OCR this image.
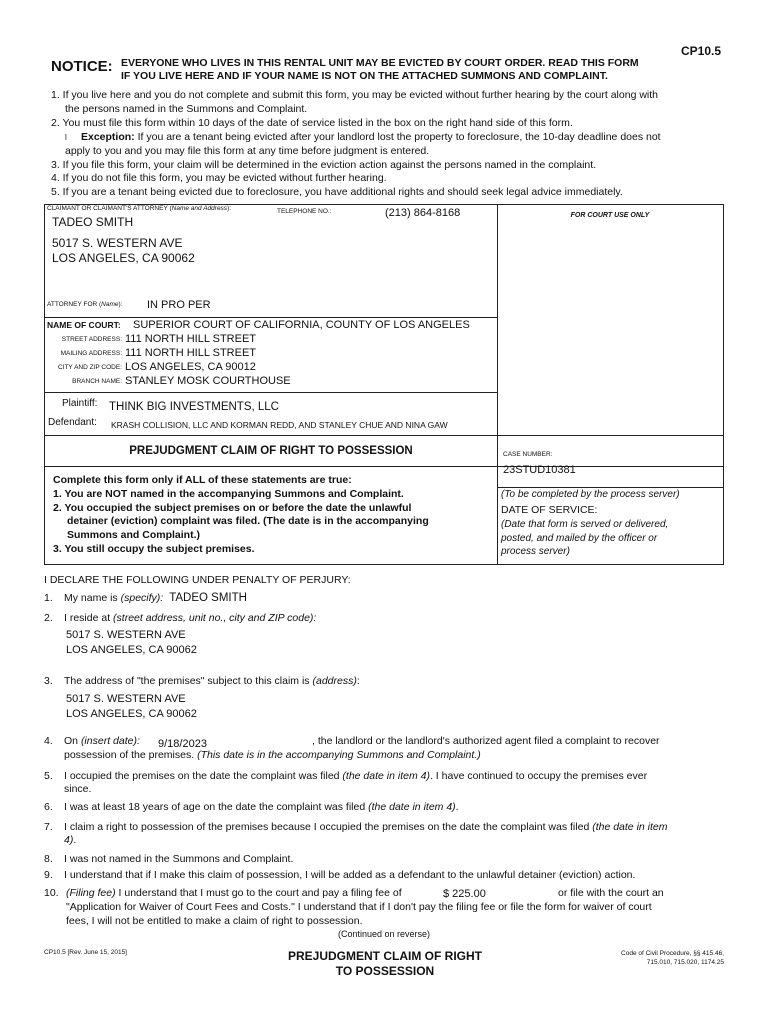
CP10.5
NOTICE: EVERYONE WHO LIVES IN THIS RENTAL UNIT MAY BE EVICTED BY COURT ORDER. READ THIS FORM
IF YOU LIVE HERE AND IF YOUR NAME IS NOT ON THE ATTACHED SUMMONS AND COMPLAINT.

1. If you live here and you do not complete and submit this form, you may be evicted without further hearing by the court along with

the persons named in the Summons and Complaint.

2. You must file this form within 10 days of the date of service listed in the box on the right hand side of this form.

l Exception: If you are a tenant being evicted after your landlord lost the property to foreclosure, the 10-day deadline does not

apply to you and you may file this form at any time before judgment is entered.

3. If you file this form, your claim will be determined in the eviction action against the persons named in the complaint.

4. If you do not file this form, you may be evicted without further hearing.

5. If you are a tenant being evicted due to foreclosure, you have additional rights and should seek legal advice immediately.

CLAIMANT OR CLAIMANT'S ATTORNEY (Name and Address):	TELEPHONE NO.:	(213) 864-8168
TADEO SMITH
5017 S. WESTERN AVE
LOS ANGELES, CA 90062
ATTORNEY FOR (Name): IN PRO PER
FOR COURT USE ONLY
NAME OF COURT: SUPERIOR COURT OF CALIFORNIA, COUNTY OF LOS ANGELES
STREET ADDRESS: 111 NORTH HILL STREET
MAILING ADDRESS: 111 NORTH HILL STREET
CITY AND ZIP CODE: LOS ANGELES, CA 90012
BRANCH NAME: STANLEY MOSK COURTHOUSE
Plaintiff: THINK BIG INVESTMENTS, LLC
Defendant: KRASH COLLISION, LLC AND KORMAN REDD, AND STANLEY CHUE AND NINA GAW
PREJUDGMENT CLAIM OF RIGHT TO POSSESSION	CASE NUMBER:
23STUD10381

Complete this form only if ALL of these statements are true:

1. You are NOT named in the accompanying Summons and Complaint.

2. You occupied the subject premises on or before the date the unlawful

detainer (eviction) complaint was filed. (The date is in the accompanying

Summons and Complaint.)

3. You still occupy the subject premises.

(To be completed by the process server)
DATE OF SERVICE:
(Date that form is served or delivered,
posted, and mailed by the officer or
process server)
I DECLARE THE FOLLOWING UNDER PENALTY OF PERJURY:
1. My name is (specify): TADEO SMITH
2. I reside at (street address, unit no., city and ZIP code):
5017 S. WESTERN AVE
LOS ANGELES, CA 90062
3. The address of "the premises" subject to this claim is (address):
5017 S. WESTERN AVE
LOS ANGELES, CA 90062
4. On (insert date):	9/18/2023	, the landlord or the landlord's authorized agent filed a complaint to recover
possession of the premises. (This date is in the accompanying Summons and Complaint.)
5. I occupied the premises on the date the complaint was filed (the date in item 4). I have continued to occupy the premises ever
since.
6. I was at least 18 years of age on the date the complaint was filed (the date in item 4).
7. I claim a right to possession of the premises because I occupied the premises on the date the complaint was filed (the date in item
4).
8. I was not named in the Summons and Complaint.
9. I understand that if I make this claim of possession, I will be added as a defendant to the unlawful detainer (eviction) action.
10. (Filing fee) I understand that I must go to the court and pay a filing fee of	$ 225.00	or file with the court an
"Application for Waiver of Court Fees and Costs." I understand that if I don't pay the filing fee or file the form for waiver of court
fees, I will not be entitled to make a claim of right to possession.
(Continued on reverse)
CP10.5 [Rev. June 15, 2015]	PREJUDGMENT CLAIM OF RIGHT
TO POSSESSION
Code of Civil Procedure, §§ 415.46,
715.010, 715.020, 1174.25
